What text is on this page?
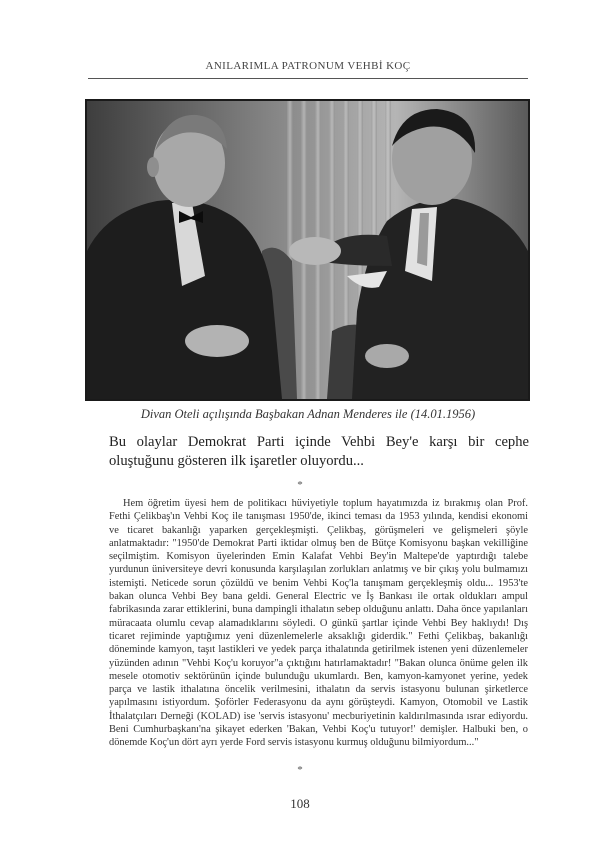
ANILARIMLA PATRONUM VEHBİ KOÇ
Divan Oteli açılışında Başbakan Adnan Menderes ile (14.01.1956)
Bu olaylar Demokrat Parti içinde Vehbi Bey'e karşı bir cephe oluştuğunu gösteren ilk işaretler oluyordu...
*

Hem öğretim üyesi hem de politikacı hüviyetiyle toplum hayatımızda iz bırakmış olan Prof. Fethi Çelikbaş'ın Vehbi Koç ile tanışması 1950'de, ikinci teması da 1953 yılında, kendisi ekonomi ve ticaret bakanlığı yaparken gerçekleşmişti. Çelikbaş, görüşmeleri ve gelişmeleri şöyle anlatmaktadır: "1950'de Demokrat Parti iktidar olmuş ben de Bütçe Komisyonu başkan vekilliğine seçilmiştim. Komisyon üyelerinden Emin Kalafat Vehbi Bey'in Maltepe'de yaptırdığı talebe yurdunun üniversiteye devri konusunda karşılaşılan zorlukları anlatmış ve bir çıkış yolu bulmamızı istemişti. Neticede sorun çözüldü ve benim Vehbi Koç'la tanışmam gerçekleşmiş oldu... 1953'te bakan olunca Vehbi Bey bana geldi. General Electric ve İş Bankası ile ortak oldukları ampul fabrikasında zarar ettiklerini, buna dampingli ithalatın sebep olduğunu anlattı. Daha önce yapılanları müracaata olumlu cevap alamadıklarını söyledi. O günkü şartlar içinde Vehbi Bey haklıydı! Dış ticaret rejiminde yaptığımız yeni düzenlemelerle aksaklığı giderdik." Fethi Çelikbaş, bakanlığı döneminde kamyon, taşıt lastikleri ve yedek parça ithalatında getirilmek istenen yeni düzenlemeler yüzünden adının "Vehbi Koç'u koruyor"a çıktığını hatırlamaktadır! "Bakan olunca önüme gelen ilk mesele otomotiv sektörünün içinde bulunduğu ukumlardı. Ben, kamyon-kamyonet yerine, yedek parça ve lastik ithalatına öncelik verilmesini, ithalatın da servis istasyonu bulunan şirketlerce yapılmasını istiyordum. Şoförler Federasyonu da aynı görüşteydi. Kamyon, Otomobil ve Lastik İthalatçıları Derneği (KOLAD) ise 'servis istasyonu' mecburiyetinin kaldırılmasında ısrar ediyordu. Beni Cumhurbaşkanı'na şikayet ederken 'Bakan, Vehbi Koç'u tutuyor!' demişler. Halbuki ben, o dönemde Koç'un dört ayrı yerde Ford servis istasyonu kurmuş olduğunu bilmiyordum..."

*
108
